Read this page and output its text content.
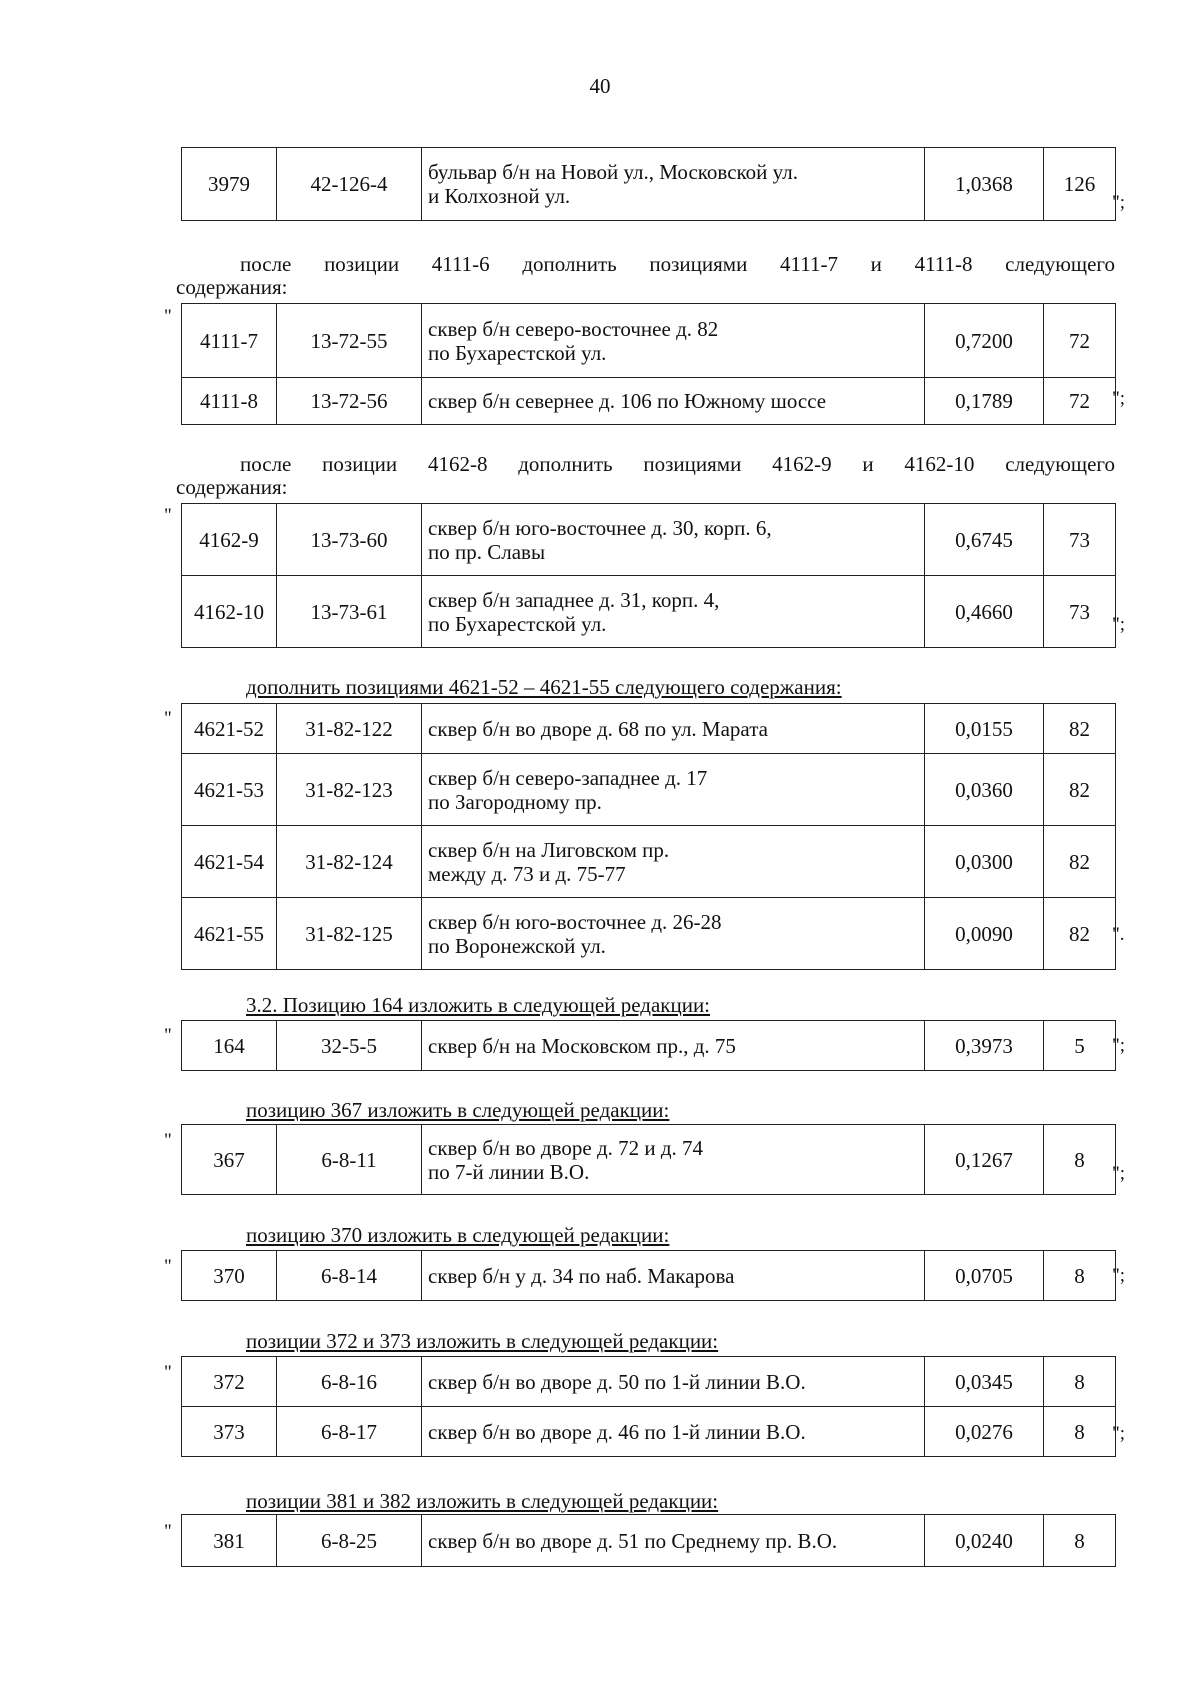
40
3979	42-126-4	бульвар б/н на Новой ул., Московской ул.
и Колхозной ул.	1,0368	126
";
после позиции 4111-6 дополнить позициями 4111-7 и 4111-8 следующего
содержания:
"
4111-7	13-72-55	сквер б/н северо-восточнее д. 82
по Бухарестской ул.	0,7200	72
4111-8	13-72-56	сквер б/н севернее д. 106 по Южному шоссе	0,1789	72 ";
после позиции 4162-8 дополнить позициями 4162-9 и 4162-10 следующего
содержания:
"
4162-9	13-73-60	сквер б/н юго-восточнее д. 30, корп. 6,
по пр. Славы	0,6745	73
4162-10	13-73-61	сквер б/н западнее д. 31, корп. 4,
по Бухарестской ул.	0,4660	73
";
дополнить позициями 4621-52 – 4621-55 следующего содержания:
" 4621-52	31-82-122	сквер б/н во дворе д. 68 по ул. Марата	0,0155	82
4621-53	31-82-123	сквер б/н северо-западнее д. 17
по Загородному пр.	0,0360	82
4621-54	31-82-124	сквер б/н на Лиговском пр.
между д. 73 и д. 75-77	0,0300	82
4621-55	31-82-125	сквер б/н юго-восточнее д. 26-28
по Воронежской ул.	0,0090	82 ".
3.2. Позицию 164 изложить в следующей редакции:
" 164	32-5-5	сквер б/н на Московском пр., д. 75	0,3973	5 ";
позицию 367 изложить в следующей редакции:
"
367	6-8-11	сквер б/н во дворе д. 72 и д. 74
по 7-й линии В.О.	0,1267	8
";
позицию 370 изложить в следующей редакции:
" 370	6-8-14	сквер б/н у д. 34 по наб. Макарова	0,0705	8 ";
позиции 372 и 373 изложить в следующей редакции:
" 372	6-8-16	сквер б/н во дворе д. 50 по 1-й линии В.О.	0,0345	8
373	6-8-17	сквер б/н во дворе д. 46 по 1-й линии В.О.	0,0276	8 ";
позиции 381 и 382 изложить в следующей редакции:
" 381	6-8-25	сквер б/н во дворе д. 51 по Среднему пр. В.О.	0,0240	8
